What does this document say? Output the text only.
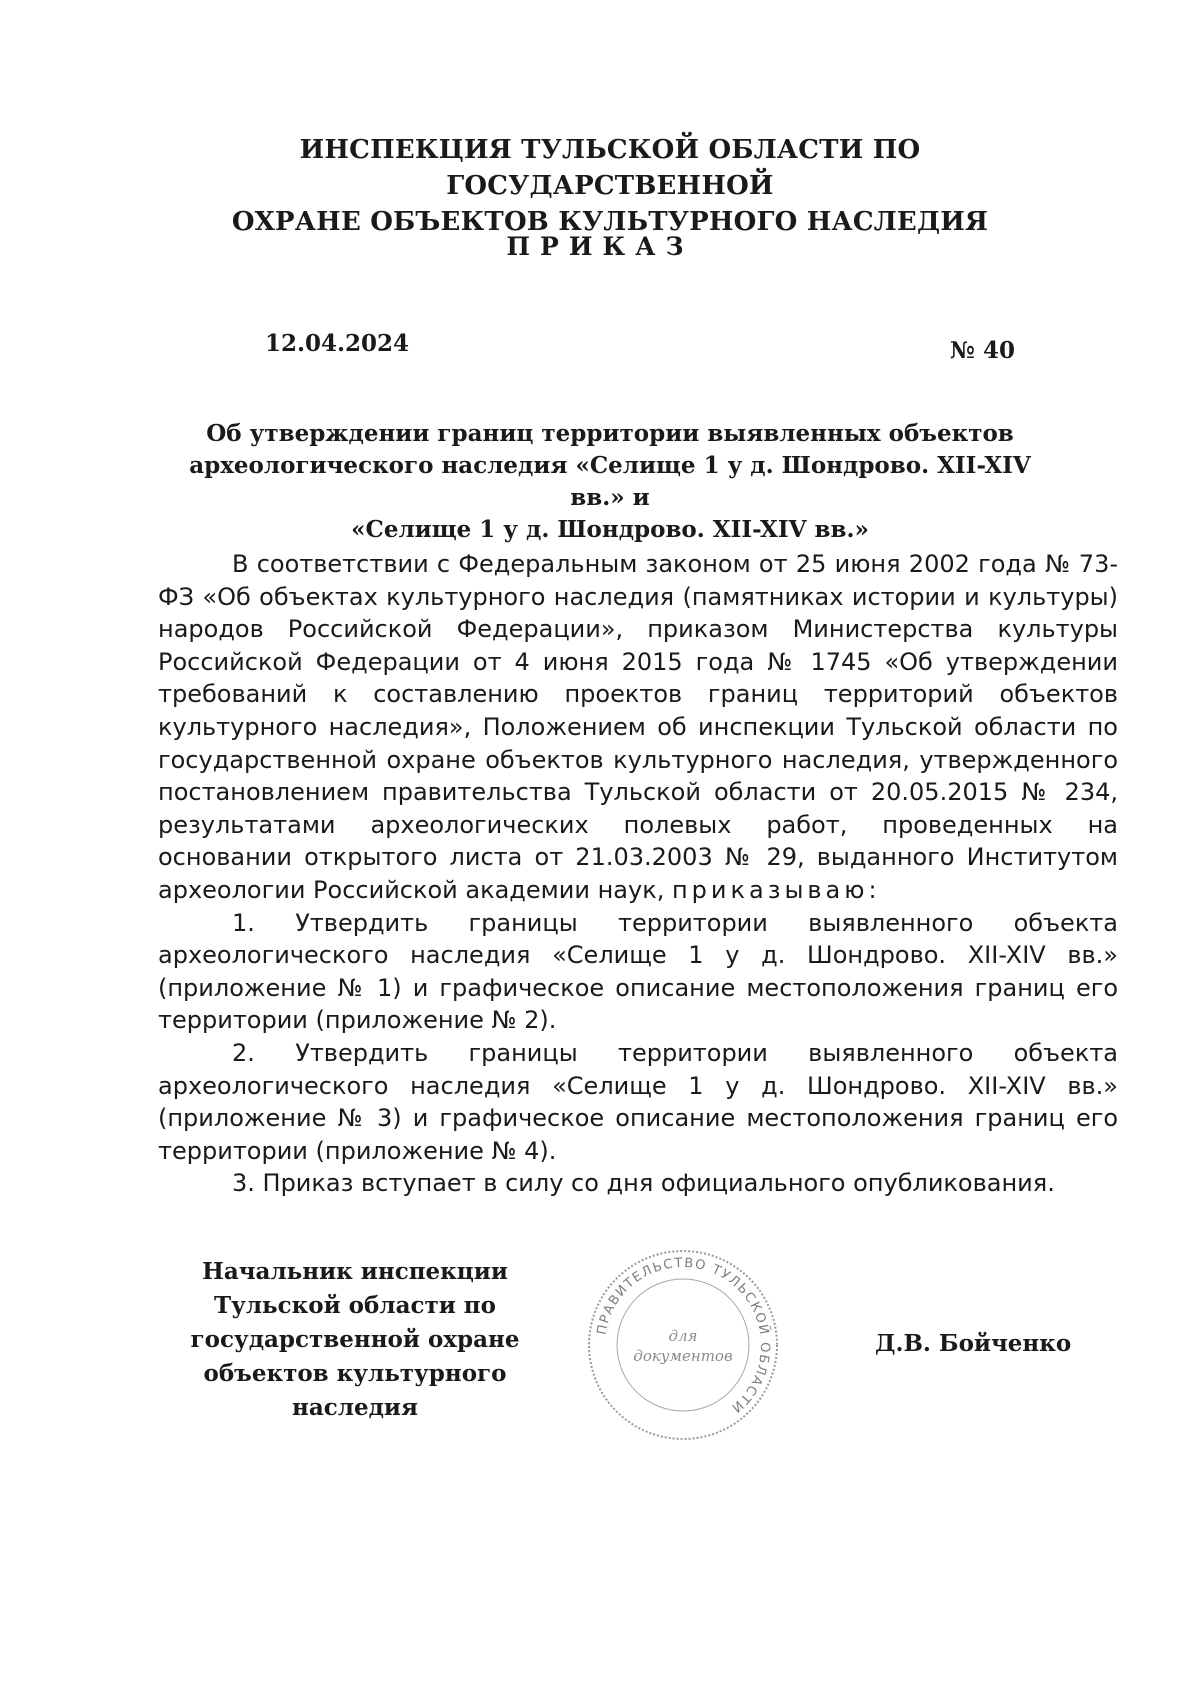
ИНСПЕКЦИЯ ТУЛЬСКОЙ ОБЛАСТИ ПО ГОСУДАРСТВЕННОЙ
ОХРАНЕ ОБЪЕКТОВ КУЛЬТУРНОГО НАСЛЕДИЯ
ПРИКАЗ
12.04.2024	№ 40
Об утверждении границ территории выявленных объектов
археологического наследия «Селище 1 у д. Шондрово. XII-XIV вв.» и
«Селище 1 у д. Шондрово. XII-XIV вв.»

В соответствии с Федеральным законом от 25 июня 2002 года № 73-ФЗ «Об объектах культурного наследия (памятниках истории и культуры) народов Российской Федерации», приказом Министерства культуры Российской Федерации от 4 июня 2015 года № 1745 «Об утверждении требований к составлению проектов границ территорий объектов культурного наследия», Положением об инспекции Тульской области по государственной охране объектов культурного наследия, утвержденного постановлением правительства Тульской области от 20.05.2015 № 234, результатами археологических полевых работ, проведенных на основании открытого листа от 21.03.2003 № 29, выданного Институтом археологии Российской академии наук, приказываю:

1. Утвердить границы территории выявленного объекта археологического наследия «Селище 1 у д. Шондрово. XII-XIV вв.» (приложение № 1) и графическое описание местоположения границ его территории (приложение № 2).

2. Утвердить границы территории выявленного объекта археологического наследия «Селище 1 у д. Шондрово. XII-XIV вв.» (приложение № 3) и графическое описание местоположения границ его территории (приложение № 4).

3. Приказ вступает в силу со дня официального опубликования.

Начальник инспекции
Тульской области по
государственной охране
объектов культурного
наследия
ПРАВИТЕЛЬСТВО ТУЛЬСКОЙ ОБЛАСТИ
для
документов	Д.В. Бойченко
